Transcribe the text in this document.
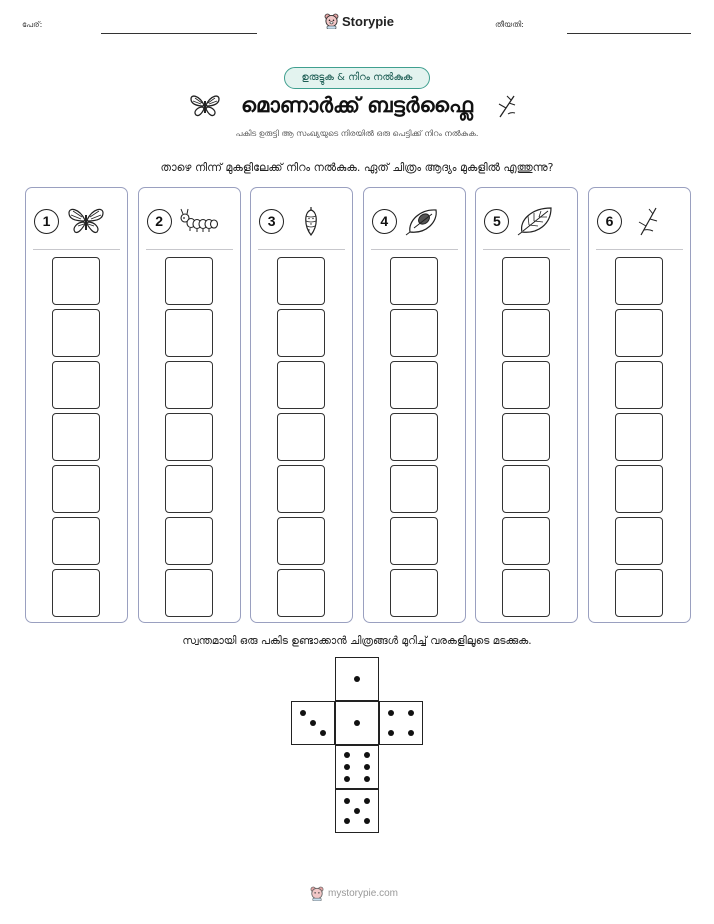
പേര്:	Storypie	തീയതി:
ഉരുട്ടുക & നിറം നൽകുക
മൊണാർക്ക് ബട്ടർഫ്ലൈ
പകിട ഉരുട്ടി ആ സംഖ്യയുടെ നിരയിൽ ഒരു പെട്ടിക്ക് നിറം നൽകുക.
താഴെ നിന്ന് മുകളിലേക്ക് നിറം നൽകുക. ഏത് ചിത്രം ആദ്യം മുകളിൽ എത്തുന്നു?
1	2	3	4	5	6
സ്വന്തമായി ഒരു പകിട ഉണ്ടാക്കാൻ ചിത്രങ്ങൾ മുറിച്ച് വരകളിലൂടെ മടക്കുക.
mystorypie.com
